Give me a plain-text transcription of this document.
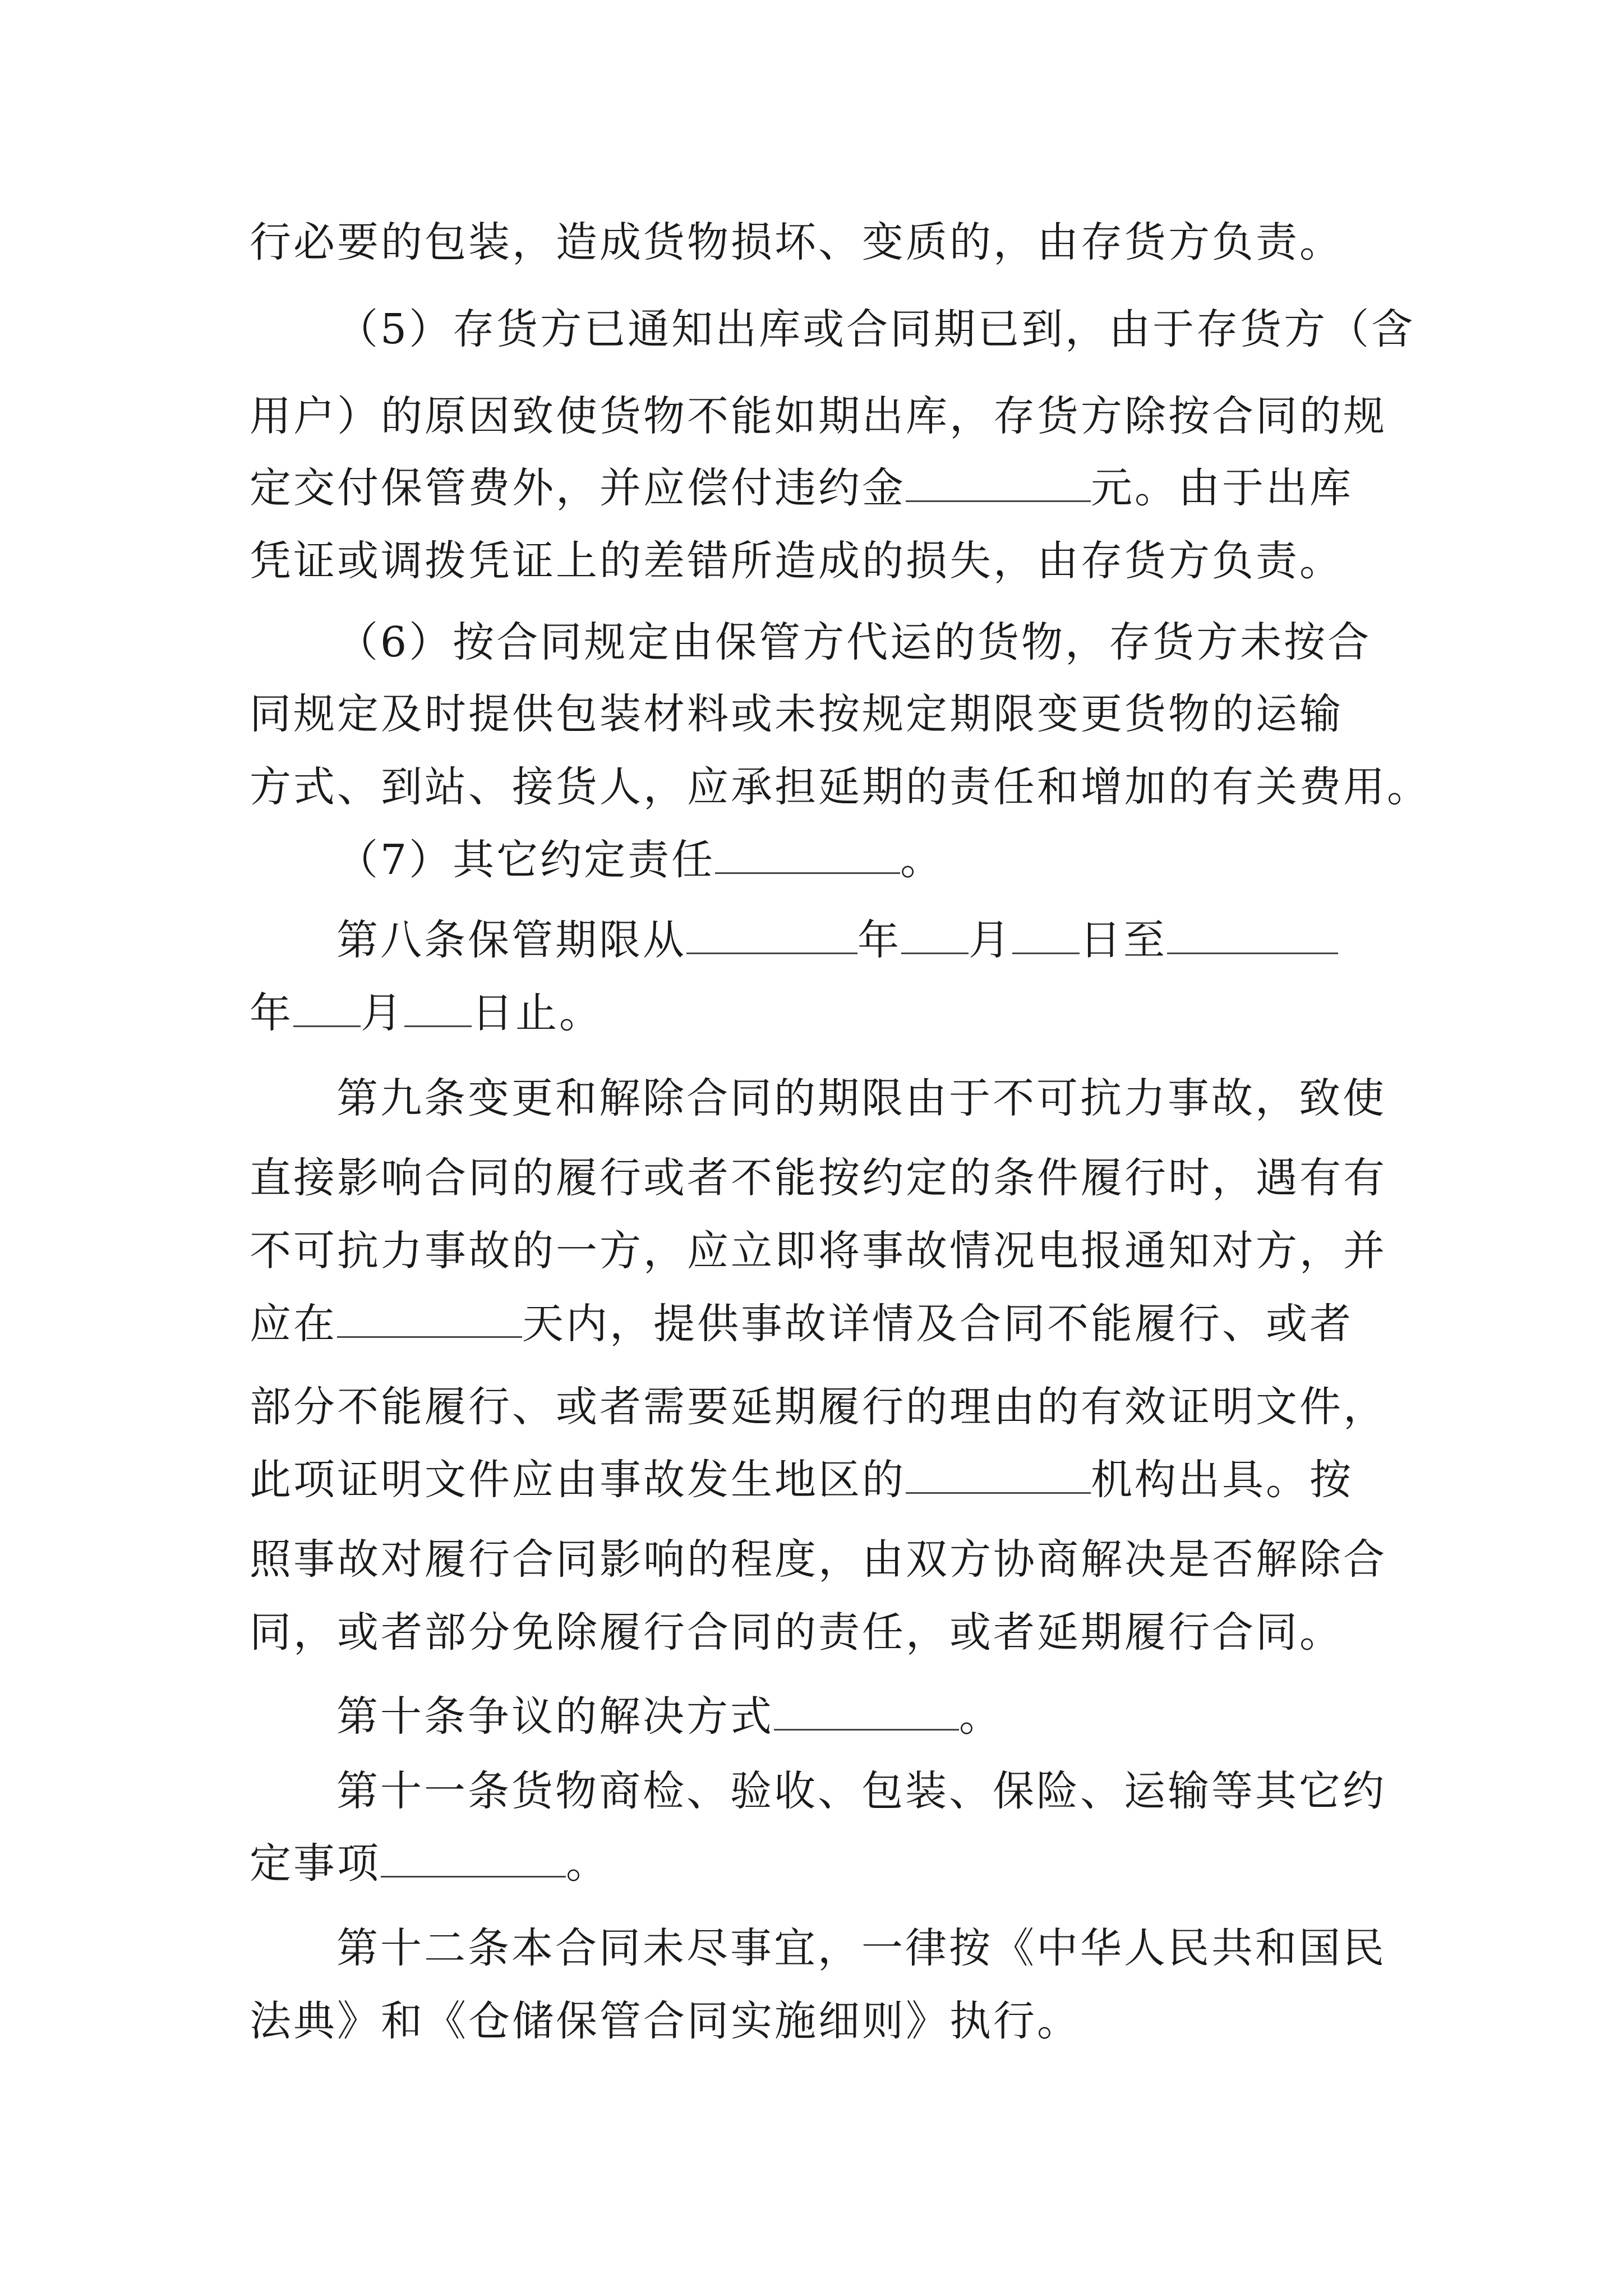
行必要的包装，造成货物损坏、变质的，由存货方负责。
（5）存货方已通知出库或合同期已到，由于存货方（含
用户）的原因致使货物不能如期出库，存货方除按合同的规
定交付保管费外，并应偿付违约金	元。由于出库
凭证或调拨凭证上的差错所造成的损失，由存货方负责。
（6）按合同规定由保管方代运的货物，存货方未按合
同规定及时提供包装材料或未按规定期限变更货物的运输
方式、到站、接货人，应承担延期的责任和增加的有关费用。
（7）其它约定责任	。
第八条保管期限从	年 月 日至
年 月 日止。
第九条变更和解除合同的期限由于不可抗力事故，致使
直接影响合同的履行或者不能按约定的条件履行时，遇有有
不可抗力事故的一方，应立即将事故情况电报通知对方，并
应在	天内，提供事故详情及合同不能履行、或者
部分不能履行、或者需要延期履行的理由的有效证明文件，
此项证明文件应由事故发生地区的	机构出具。按
照事故对履行合同影响的程度，由双方协商解决是否解除合
同，或者部分免除履行合同的责任，或者延期履行合同。
第十条争议的解决方式	。
第十一条货物商检、验收、包装、保险、运输等其它约
定事项	。
第十二条本合同未尽事宜，一律按《中华人民共和国民
法典》和《仓储保管合同实施细则》执行。
